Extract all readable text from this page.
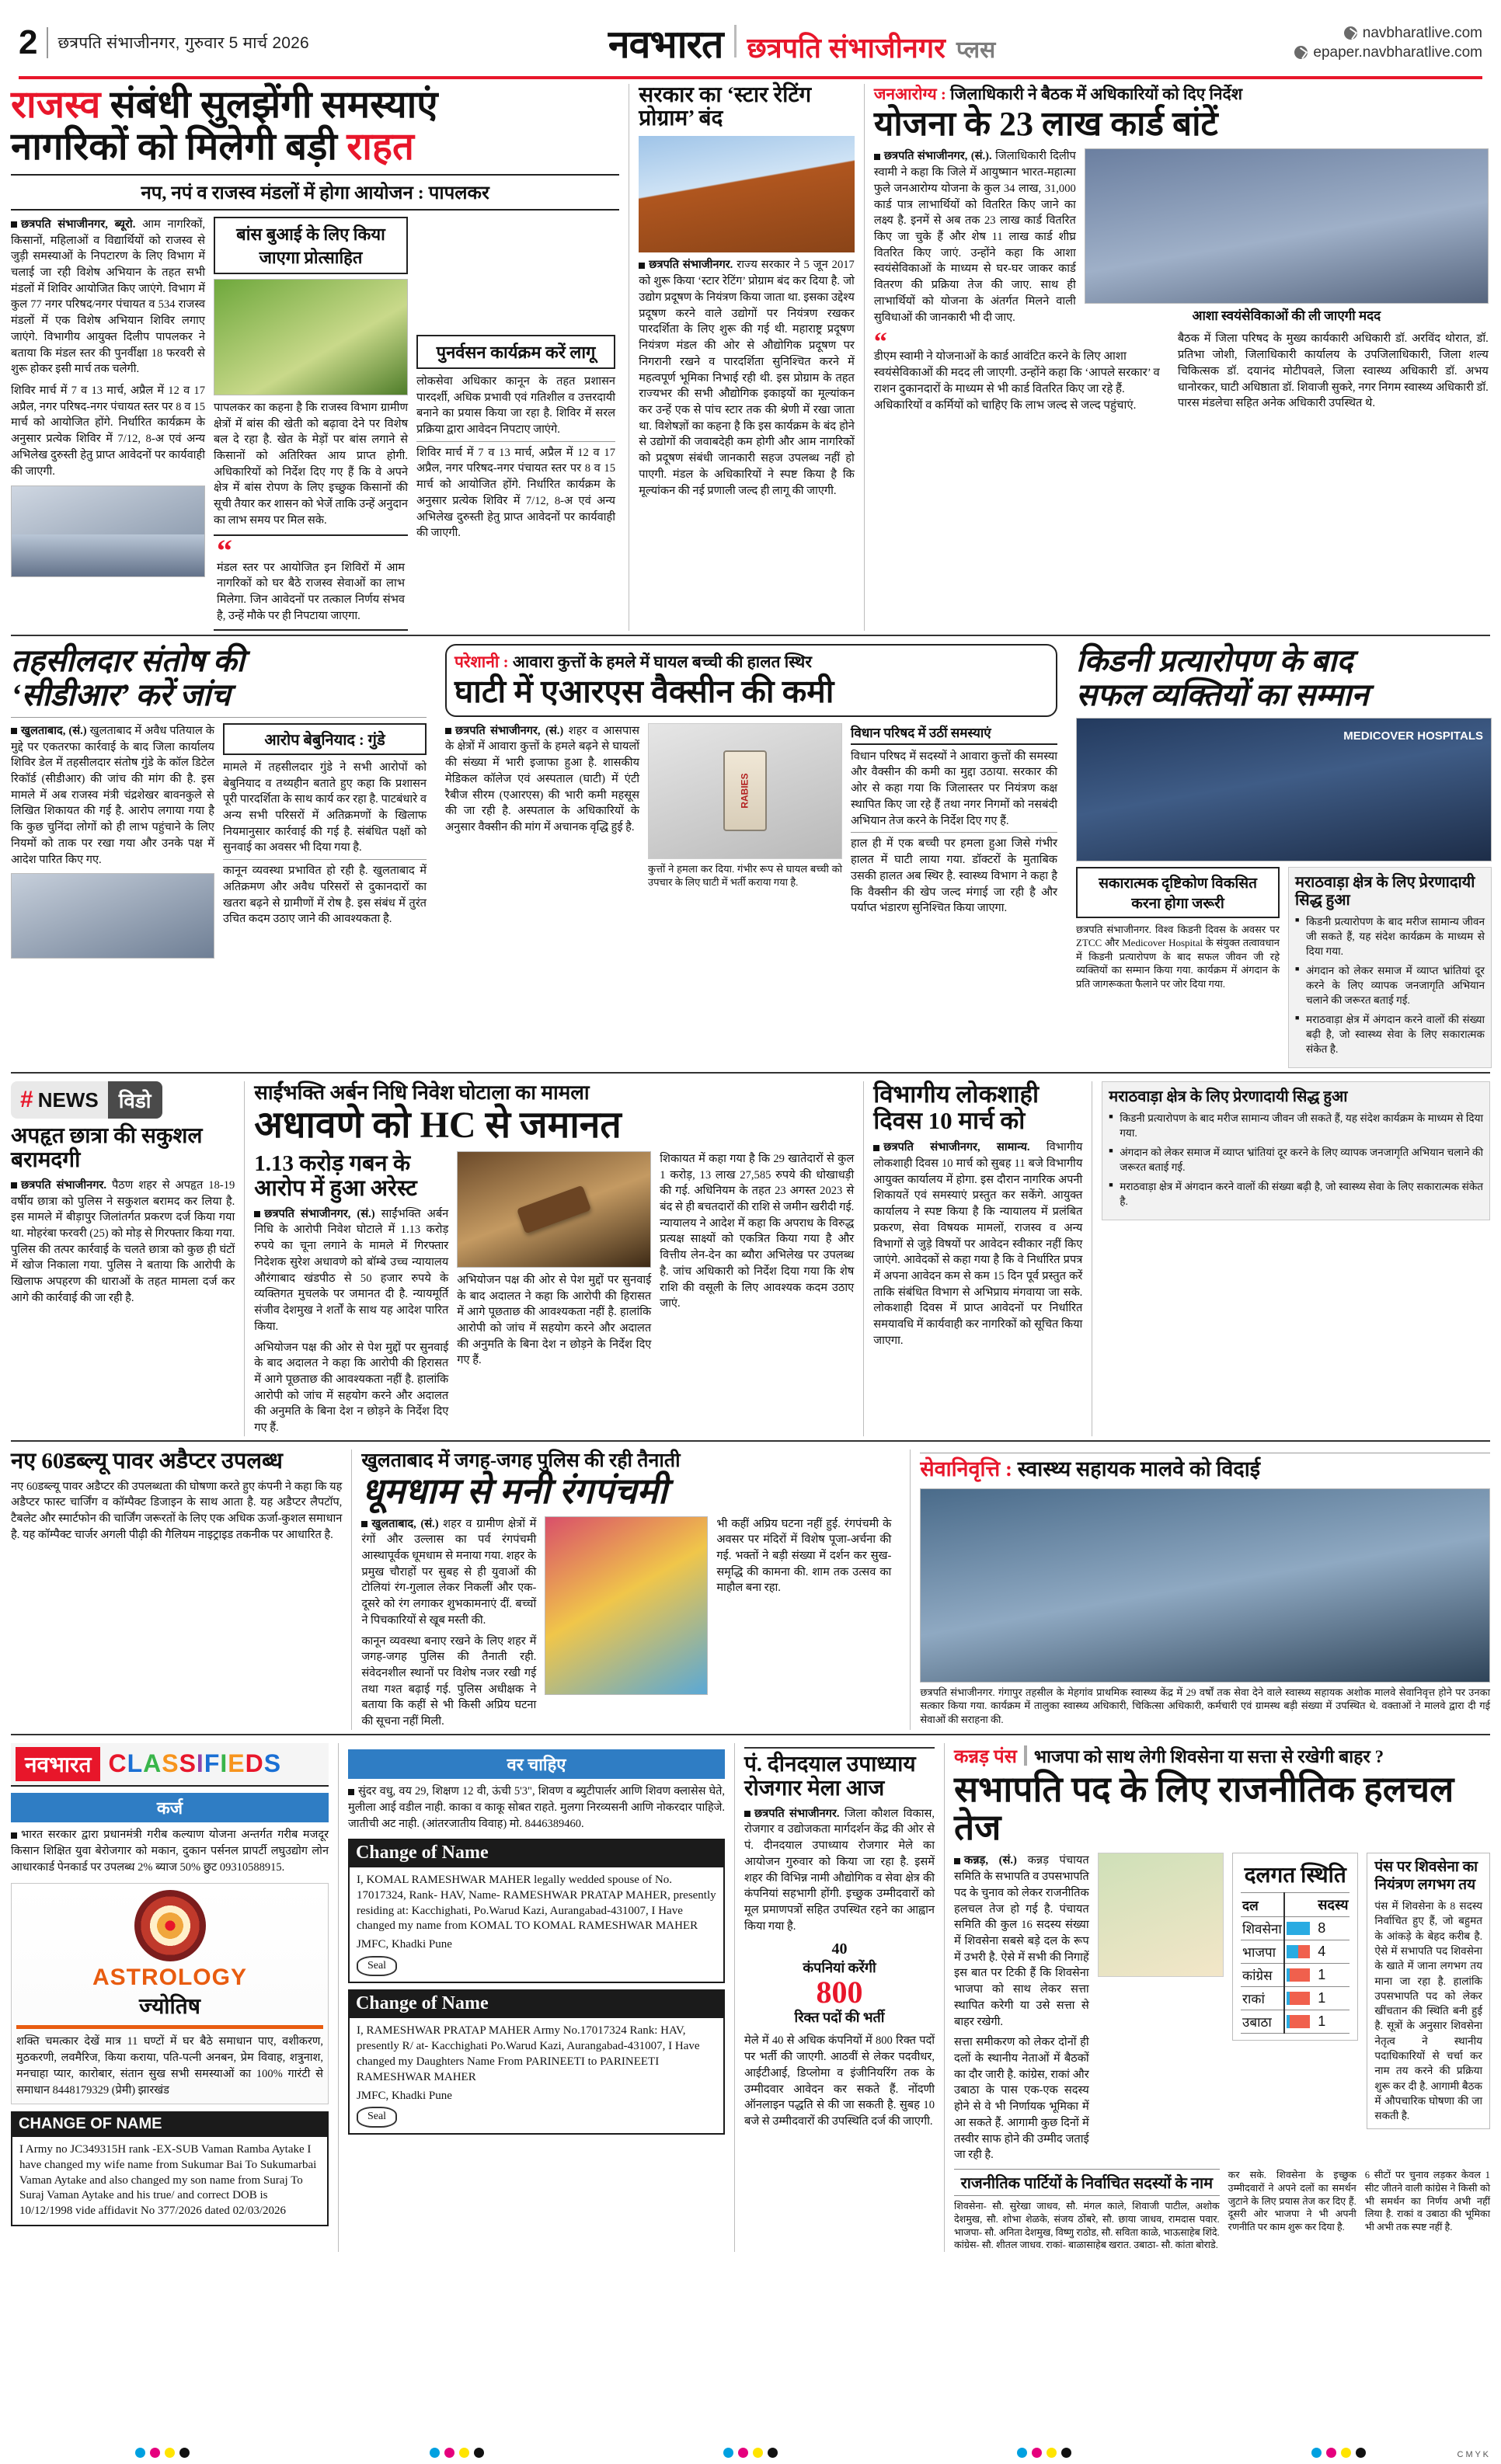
2	छत्रपति संभाजीनगर, गुरुवार 5 मार्च 2026	नवभारत छत्रपति संभाजीनगर प्लस
navbharatlive.com
epaper.navbharatlive.com
राजस्व संबंधी सुलझेंगी समस्याएं
नागरिकों को मिलेगी बड़ी राहत
नप, नपं व राजस्व मंडलों में होगा आयोजन : पापलकर

छत्रपति संभाजीनगर, ब्यूरो. आम नागरिकों, किसानों, महिलाओं व विद्यार्थियों को राजस्व से जुड़ी समस्याओं के निपटारण के लिए विभाग में चलाई जा रही विशेष अभियान के तहत सभी मंडलों में शिविर आयोजित किए जाएंगे. विभाग में कुल 77 नगर परिषद/नगर पंचायत व 534 राजस्व मंडलों में एक विशेष अभियान शिविर लगाए जाएंगे. विभागीय आयुक्त दिलीप पापलकर ने बताया कि मंडल स्तर की पुनर्वीक्षा 18 फरवरी से शुरू होकर इसी मार्च तक चलेगी.

शिविर मार्च में 7 व 13 मार्च, अप्रैल में 12 व 17 अप्रैल, नगर परिषद-नगर पंचायत स्तर पर 8 व 15 मार्च को आयोजित होंगे. निर्धारित कार्यक्रम के अनुसार प्रत्येक शिविर में 7/12, 8-अ एवं अन्य अभिलेख दुरुस्ती हेतु प्राप्त आवेदनों पर कार्यवाही की जाएगी.

बांस बुआई के लिए किया जाएगा प्रोत्साहित

पापलकर का कहना है कि राजस्व विभाग ग्रामीण क्षेत्रों में बांस की खेती को बढ़ावा देने पर विशेष बल दे रहा है. खेत के मेड़ों पर बांस लगाने से किसानों को अतिरिक्त आय प्राप्त होगी. अधिकारियों को निर्देश दिए गए हैं कि वे अपने क्षेत्र में बांस रोपण के लिए इच्छुक किसानों की सूची तैयार कर शासन को भेजें ताकि उन्हें अनुदान का लाभ समय पर मिल सके.

“

मंडल स्तर पर आयोजित इन शिविरों में आम नागरिकों को घर बैठे राजस्व सेवाओं का लाभ मिलेगा. जिन आवेदनों पर तत्काल निर्णय संभव है, उन्हें मौके पर ही निपटाया जाएगा.

पुनर्वसन कार्यक्रम करें लागू

लोकसेवा अधिकार कानून के तहत प्रशासन पारदर्शी, अधिक प्रभावी एवं गतिशील व उत्तरदायी बनाने का प्रयास किया जा रहा है. शिविर में सरल प्रक्रिया द्वारा आवेदन निपटाए जाएंगे.

शिविर मार्च में 7 व 13 मार्च, अप्रैल में 12 व 17 अप्रैल, नगर परिषद-नगर पंचायत स्तर पर 8 व 15 मार्च को आयोजित होंगे. निर्धारित कार्यक्रम के अनुसार प्रत्येक शिविर में 7/12, 8-अ एवं अन्य अभिलेख दुरुस्ती हेतु प्राप्त आवेदनों पर कार्यवाही की जाएगी.

सरकार का ‘स्टार रेटिंग प्रोग्राम’ बंद

छत्रपति संभाजीनगर. राज्य सरकार ने 5 जून 2017 को शुरू किया ‘स्टार रेटिंग’ प्रोग्राम बंद कर दिया है. जो उद्योग प्रदूषण के नियंत्रण किया जाता था. इसका उद्देश्य प्रदूषण करने वाले उद्योगों पर नियंत्रण रखकर पारदर्शिता के लिए शुरू की गई थी. महाराष्ट्र प्रदूषण नियंत्रण मंडल की ओर से औद्योगिक प्रदूषण पर निगरानी रखने व पारदर्शिता सुनिश्चित करने में महत्वपूर्ण भूमिका निभाई रही थी. इस प्रोग्राम के तहत राज्यभर की सभी औद्योगिक इकाइयों का मूल्यांकन कर उन्हें एक से पांच स्टार तक की श्रेणी में रखा जाता था. विशेषज्ञों का कहना है कि इस कार्यक्रम के बंद होने से उद्योगों की जवाबदेही कम होगी और आम नागरिकों को प्रदूषण संबंधी जानकारी सहज उपलब्ध नहीं हो पाएगी. मंडल के अधिकारियों ने स्पष्ट किया है कि मूल्यांकन की नई प्रणाली जल्द ही लागू की जाएगी.

जनआरोग्य : जिलाधिकारी ने बैठक में अधिकारियों को दिए निर्देश
योजना के 23 लाख कार्ड बांटें

छत्रपति संभाजीनगर, (सं.). जिलाधिकारी दिलीप स्वामी ने कहा कि जिले में आयुष्मान भारत-महात्मा फुले जनआरोग्य योजना के कुल 34 लाख, 31,000 कार्ड पात्र लाभार्थियों को वितरित किए जाने का लक्ष्य है. इनमें से अब तक 23 लाख कार्ड वितरित किए जा चुके हैं और शेष 11 लाख कार्ड शीघ्र वितरित किए जाएं. उन्होंने कहा कि आशा स्वयंसेविकाओं के माध्यम से घर-घर जाकर कार्ड वितरण की प्रक्रिया तेज की जाए. साथ ही लाभार्थियों को योजना के अंतर्गत मिलने वाली सुविधाओं की जानकारी भी दी जाए.	आशा स्वयंसेविकाओं की ली जाएगी मदद
“
डीएम स्वामी ने योजनाओं के कार्ड आवंटित करने के लिए आशा स्वयंसेविकाओं की मदद ली जाएगी. उन्होंने कहा कि ‘आपले सरकार’ व राशन दुकानदारों के माध्यम से भी कार्ड वितरित किए जा रहे हैं. अधिकारियों व कर्मियों को चाहिए कि लाभ जल्द से जल्द पहुंचाएं.

बैठक में जिला परिषद के मुख्य कार्यकारी अधिकारी डॉ. अरविंद थोरात, डॉ. प्रतिभा जोशी, जिलाधिकारी कार्यालय के उपजिलाधिकारी, जिला शल्य चिकित्सक डॉ. दयानंद मोटीपवले, जिला स्वास्थ्य अधिकारी डॉ. अभय धानोरकर, घाटी अधिष्ठाता डॉ. शिवाजी सुकरे, नगर निगम स्वास्थ्य अधिकारी डॉ. पारस मंडलेचा सहित अनेक अधिकारी उपस्थित थे.

तहसीलदार संतोष की
‘सीडीआर’ करें जांच

खुलताबाद, (सं.) खुलताबाद में अवैध पतियाल के मुद्दे पर एकतरफा कार्रवाई के बाद जिला कार्यालय शिविर डेल में तहसीलदार संतोष गुंडे के कॉल डिटेल रिकॉर्ड (सीडीआर) की जांच की मांग की है. इस मामले में अब राजस्व मंत्री चंद्रशेखर बावनकुले से लिखित शिकायत की गई है. आरोप लगाया गया है कि कुछ चुनिंदा लोगों को ही लाभ पहुंचाने के लिए नियमों को ताक पर रखा गया और उनके पक्ष में आदेश पारित किए गए.

आरोप बेबुनियाद : गुंडे

मामले में तहसीलदार गुंडे ने सभी आरोपों को बेबुनियाद व तथ्यहीन बताते हुए कहा कि प्रशासन पूरी पारदर्शिता के साथ कार्य कर रहा है. पाटबंधारे व अन्य सभी परिसरों में अतिक्रमणों के खिलाफ नियमानुसार कार्रवाई की गई है. संबंधित पक्षों को सुनवाई का अवसर भी दिया गया है.

कानून व्यवस्था प्रभावित हो रही है. खुलताबाद में अतिक्रमण और अवैध परिसरों से दुकानदारों का खतरा बढ़ने से ग्रामीणों में रोष है. इस संबंध में तुरंत उचित कदम उठाए जाने की आवश्यकता है.

परेशानी : आवारा कुत्तों के हमले में घायल बच्ची की हालत स्थिर
घाटी में एआरएस वैक्सीन की कमी

छत्रपति संभाजीनगर, (सं.) शहर व आसपास के क्षेत्रों में आवारा कुत्तों के हमले बढ़ने से घायलों की संख्या में भारी इजाफा हुआ है. शासकीय मेडिकल कॉलेज एवं अस्पताल (घाटी) में एंटी रैबीज सीरम (एआरएस) की भारी कमी महसूस की जा रही है. अस्पताल के अधिकारियों के अनुसार वैक्सीन की मांग में अचानक वृद्धि हुई है.

RABIES

कुत्तों ने हमला कर दिया. गंभीर रूप से घायल बच्ची को उपचार के लिए घाटी में भर्ती कराया गया है.

विधान परिषद में उठीं समस्याएं

विधान परिषद में सदस्यों ने आवारा कुत्तों की समस्या और वैक्सीन की कमी का मुद्दा उठाया. सरकार की ओर से कहा गया कि जिलास्तर पर नियंत्रण कक्ष स्थापित किए जा रहे हैं तथा नगर निगमों को नसबंदी अभियान तेज करने के निर्देश दिए गए हैं.

हाल ही में एक बच्ची पर हमला हुआ जिसे गंभीर हालत में घाटी लाया गया. डॉक्टरों के मुताबिक उसकी हालत अब स्थिर है. स्वास्थ्य विभाग ने कहा है कि वैक्सीन की खेप जल्द मंगाई जा रही है और पर्याप्त भंडारण सुनिश्चित किया जाएगा.

किडनी प्रत्यारोपण के बाद
सफल व्यक्तियों का सम्मान
MEDICOVER HOSPITALS
सकारात्मक दृष्टिकोण विकसित करना होगा जरूरी

छत्रपति संभाजीनगर. विश्व किडनी दिवस के अवसर पर ZTCC और Medicover Hospital के संयुक्त तत्वावधान में किडनी प्रत्यारोपण के बाद सफल जीवन जी रहे व्यक्तियों का सम्मान किया गया. कार्यक्रम में अंगदान के प्रति जागरूकता फैलाने पर जोर दिया गया.

मराठवाड़ा क्षेत्र के लिए प्रेरणादायी सिद्ध हुआ
■ किडनी प्रत्यारोपण के बाद मरीज सामान्य जीवन जी सकते हैं, यह संदेश कार्यक्रम के माध्यम से दिया गया.
■ अंगदान को लेकर समाज में व्याप्त भ्रांतियां दूर करने के लिए व्यापक जनजागृति अभियान चलाने की जरूरत बताई गई.
■ मराठवाड़ा क्षेत्र में अंगदान करने वालों की संख्या बढ़ी है, जो स्वास्थ्य सेवा के लिए सकारात्मक संकेत है.
# NEWS	विडो
अपहृत छात्रा की सकुशल बरामदगी

छत्रपति संभाजीनगर. पैठण शहर से अपहृत 18-19 वर्षीय छात्रा को पुलिस ने सकुशल बरामद कर लिया है. इस मामले में बीड़ापुर जिलांतर्गत प्रकरण दर्ज किया गया था. मोहरंबा फरवरी (25) को मोड़ से गिरफ्तार किया गया. पुलिस की तत्पर कार्रवाई के चलते छात्रा को कुछ ही घंटों में खोज निकाला गया. पुलिस ने बताया कि आरोपी के खिलाफ अपहरण की धाराओं के तहत मामला दर्ज कर आगे की कार्रवाई की जा रही है.

साईंभक्ति अर्बन निधि निवेश घोटाला का मामला
अधावणे को HC से जमानत
1.13 करोड़ गबन के आरोप में हुआ अरेस्ट

छत्रपति संभाजीनगर, (सं.) साईंभक्ति अर्बन निधि के आरोपी निवेश घोटाले में 1.13 करोड़ रुपये का चूना लगाने के मामले में गिरफ्तार निदेशक सुरेश अधावणे को बॉम्बे उच्च न्यायालय औरंगाबाद खंडपीठ से 50 हजार रुपये के व्यक्तिगत मुचलके पर जमानत दी है. न्यायमूर्ति संजीव देशमुख ने शर्तों के साथ यह आदेश पारित किया.

अभियोजन पक्ष की ओर से पेश मुद्दों पर सुनवाई के बाद अदालत ने कहा कि आरोपी की हिरासत में आगे पूछताछ की आवश्यकता नहीं है. हालांकि आरोपी को जांच में सहयोग करने और अदालत की अनुमति के बिना देश न छोड़ने के निर्देश दिए गए हैं.

अभियोजन पक्ष की ओर से पेश मुद्दों पर सुनवाई के बाद अदालत ने कहा कि आरोपी की हिरासत में आगे पूछताछ की आवश्यकता नहीं है. हालांकि आरोपी को जांच में सहयोग करने और अदालत की अनुमति के बिना देश न छोड़ने के निर्देश दिए गए हैं.

शिकायत में कहा गया है कि 29 खातेदारों से कुल 1 करोड़, 13 लाख 27,585 रुपये की धोखाधड़ी की गई. अधिनियम के तहत 23 अगस्त 2023 से बंद से ही बचतदारों की राशि से जमीन खरीदी गई. न्यायालय ने आदेश में कहा कि अपराध के विरुद्ध प्रत्यक्ष साक्ष्यों को एकत्रित किया गया है और वित्तीय लेन-देन का ब्यौरा अभिलेख पर उपलब्ध है. जांच अधिकारी को निर्देश दिया गया कि शेष राशि की वसूली के लिए आवश्यक कदम उठाए जाएं.

विभागीय लोकशाही दिवस 10 मार्च को

छत्रपति संभाजीनगर, सामान्य. विभागीय लोकशाही दिवस 10 मार्च को सुबह 11 बजे विभागीय आयुक्त कार्यालय में होगा. इस दौरान नागरिक अपनी शिकायतें एवं समस्याएं प्रस्तुत कर सकेंगे. आयुक्त कार्यालय ने स्पष्ट किया है कि न्यायालय में प्रलंबित प्रकरण, सेवा विषयक मामलों, राजस्व व अन्य विभागों से जुड़े विषयों पर आवेदन स्वीकार नहीं किए जाएंगे. आवेदकों से कहा गया है कि वे निर्धारित प्रपत्र में अपना आवेदन कम से कम 15 दिन पूर्व प्रस्तुत करें ताकि संबंधित विभाग से अभिप्राय मंगवाया जा सके. लोकशाही दिवस में प्राप्त आवेदनों पर निर्धारित समयावधि में कार्यवाही कर नागरिकों को सूचित किया जाएगा.

मराठवाड़ा क्षेत्र के लिए प्रेरणादायी सिद्ध हुआ
■ किडनी प्रत्यारोपण के बाद मरीज सामान्य जीवन जी सकते हैं, यह संदेश कार्यक्रम के माध्यम से दिया गया.
■ अंगदान को लेकर समाज में व्याप्त भ्रांतियां दूर करने के लिए व्यापक जनजागृति अभियान चलाने की जरूरत बताई गई.
■ मराठवाड़ा क्षेत्र में अंगदान करने वालों की संख्या बढ़ी है, जो स्वास्थ्य सेवा के लिए सकारात्मक संकेत है.
नए 60डब्ल्यू पावर अडैप्टर उपलब्ध

नए 60डब्ल्यू पावर अडैप्टर की उपलब्धता की घोषणा करते हुए कंपनी ने कहा कि यह अडैप्टर फास्ट चार्जिंग व कॉम्पैक्ट डिजाइन के साथ आता है. यह अडैप्टर लैपटॉप, टैबलेट और स्मार्टफोन की चार्जिंग जरूरतों के लिए एक अधिक ऊर्जा-कुशल समाधान है. यह कॉम्पैक्ट चार्जर अगली पीढ़ी की गैलियम नाइट्राइड तकनीक पर आधारित है.

खुलताबाद में जगह-जगह पुलिस की रही तैनाती
धूमधाम से मनी रंगपंचमी

खुलताबाद, (सं.) शहर व ग्रामीण क्षेत्रों में रंगों और उल्लास का पर्व रंगपंचमी आस्थापूर्वक धूमधाम से मनाया गया. शहर के प्रमुख चौराहों पर सुबह से ही युवाओं की टोलियां रंग-गुलाल लेकर निकलीं और एक-दूसरे को रंग लगाकर शुभकामनाएं दीं. बच्चों ने पिचकारियों से खूब मस्ती की.

कानून व्यवस्था बनाए रखने के लिए शहर में जगह-जगह पुलिस की तैनाती रही. संवेदनशील स्थानों पर विशेष नजर रखी गई तथा गश्त बढ़ाई गई. पुलिस अधीक्षक ने बताया कि कहीं से भी किसी अप्रिय घटना की सूचना नहीं मिली.

भी कहीं अप्रिय घटना नहीं हुई. रंगपंचमी के अवसर पर मंदिरों में विशेष पूजा-अर्चना की गई. भक्तों ने बड़ी संख्या में दर्शन कर सुख-समृद्धि की कामना की. शाम तक उत्सव का माहौल बना रहा.

सेवानिवृत्ति : स्वास्थ्य सहायक मालवे को विदाई

छत्रपति संभाजीनगर. गंगापुर तहसील के मेहगांव प्राथमिक स्वास्थ्य केंद्र में 29 वर्षों तक सेवा देने वाले स्वास्थ्य सहायक अशोक मालवे सेवानिवृत्त होने पर उनका सत्कार किया गया. कार्यक्रम में तालुका स्वास्थ्य अधिकारी, चिकित्सा अधिकारी, कर्मचारी एवं ग्रामस्थ बड़ी संख्या में उपस्थित थे. वक्ताओं ने मालवे द्वारा दी गई सेवाओं की सराहना की.

नवभारत CLASSIFIEDS
कर्ज

भारत सरकार द्वारा प्रधानमंत्री गरीब कल्याण योजना अन्तर्गत गरीब मजदूर किसान शिक्षित युवा बेरोजगार को मकान, दुकान पर्सनल प्रापर्टी लघुउद्योग लोन आधारकार्ड पेनकार्ड पर उपलब्ध 2% ब्याज 50% छुट 09310588915.

ASTROLOGY
ज्योतिष

शक्ति चमत्कार देखें मात्र 11 घण्टों में घर बैठे समाधान पाए, वशीकरण, मुठकरणी, लवमैरिज, किया कराया, पति-पत्नी अनबन, प्रेम विवाह, शत्रुनाश, मनचाहा प्यार, कारोबार, संतान सुख सभी समस्याओं का 100% गारंटी से समाधान 8448179329 (प्रेमी) झारखंड

CHANGE OF NAME
I Army no JC349315H rank -EX-SUB Vaman Ramba Aytake I have changed my wife name from Sukumar Bai To Sukumarbai Vaman Aytake and also changed my son name from Suraj To Suraj Vaman Aytake and his true/ and correct DOB is 10/12/1998 vide affidavit No 377/2026 dated 02/03/2026
वर चाहिए

सुंदर वधु, वय 29, शिक्षण 12 वी, ऊंची 5'3", शिवण व ब्युटीपार्लर आणि शिवण क्लासेस घेते, मुलीला आई वडील नाही. काका व काकू सोबत राहते. मुलगा निरव्यसनी आणि नोकरदार पाहिजे. जातीची अट नाही. (आंतरजातीय विवाह) मो. 8446389460.

Change of Name
I, KOMAL RAMESHWAR MAHER legally wedded spouse of No. 17017324, Rank- HAV, Name- RAMESHWAR PRATAP MAHER, presently residing at: Kacchighati, Po.Warud Kazi, Aurangabad-431007, I Have changed my name from KOMAL TO KOMAL RAMESHWAR MAHER
JMFC, Khadki Pune
Seal
Change of Name
I, RAMESHWAR PRATAP MAHER Army No.17017324 Rank: HAV, presently R/ at- Kacchighati Po.Warud Kazi, Aurangabad-431007, I Have changed my Daughters Name From PARINEETI to PARINEETI RAMESHWAR MAHER
JMFC, Khadki Pune
Seal
पं. दीनदयाल उपाध्याय रोजगार मेला आज

छत्रपति संभाजीनगर. जिला कौशल विकास, रोजगार व उद्योजकता मार्गदर्शन केंद्र की ओर से पं. दीनदयाल उपाध्याय रोजगार मेले का आयोजन गुरुवार को किया जा रहा है. इसमें शहर की विभिन्न नामी औद्योगिक व सेवा क्षेत्र की कंपनियां सहभागी होंगी. इच्छुक उम्मीदवारों को मूल प्रमाणपत्रों सहित उपस्थित रहने का आह्वान किया गया है.

40
कंपनियां करेंगी
800
रिक्त पदों की भर्ती

मेले में 40 से अधिक कंपनियों में 800 रिक्त पदों पर भर्ती की जाएगी. आठवीं से लेकर पदवीधर, आईटीआई, डिप्लोमा व इंजीनियरिंग तक के उम्मीदवार आवेदन कर सकते हैं. नोंदणी ऑनलाइन पद्धति से की जा सकती है. सुबह 10 बजे से उम्मीदवारों की उपस्थिति दर्ज की जाएगी.

कन्नड़ पंस भाजपा को साथ लेगी शिवसेना या सत्ता से रखेगी बाहर ?
सभापति पद के लिए राजनीतिक हलचल तेज

कन्नड़, (सं.) कन्नड़ पंचायत समिति के सभापति व उपसभापति पद के चुनाव को लेकर राजनीतिक हलचल तेज हो गई है. पंचायत समिति की कुल 16 सदस्य संख्या में शिवसेना सबसे बड़े दल के रूप में उभरी है. ऐसे में सभी की निगाहें इस बात पर टिकी हैं कि शिवसेना भाजपा को साथ लेकर सत्ता स्थापित करेगी या उसे सत्ता से बाहर रखेगी.

सत्ता समीकरण को लेकर दोनों ही दलों के स्थानीय नेताओं में बैठकों का दौर जारी है. कांग्रेस, राकां और उबाठा के पास एक-एक सदस्य होने से वे भी निर्णायक भूमिका में आ सकते हैं. आगामी कुछ दिनों में तस्वीर साफ होने की उम्मीद जताई जा रही है.

दलगत स्थिति
दल		सदस्य
शिवसेना		8
भाजपा		4
कांग्रेस		1
राकां		1
उबाठा		1
पंस पर शिवसेना का नियंत्रण लगभग तय

पंस में शिवसेना के 8 सदस्य निर्वाचित हुए हैं, जो बहुमत के आंकड़े के बेहद करीब है. ऐसे में सभापति पद शिवसेना के खाते में जाना लगभग तय माना जा रहा है. हालांकि उपसभापति पद को लेकर खींचतान की स्थिति बनी हुई है. सूत्रों के अनुसार शिवसेना नेतृत्व ने स्थानीय पदाधिकारियों से चर्चा कर नाम तय करने की प्रक्रिया शुरू कर दी है. आगामी बैठक में औपचारिक घोषणा की जा सकती है.

राजनीतिक पार्टियों के निर्वाचित सदस्यों के नाम

शिवसेना- सौ. सुरेखा जाधव, सौ. मंगल काले, शिवाजी पाटील, अशोक देशमुख, सौ. शोभा शेळके, संजय ठोंबरे, सौ. छाया जाधव, रामदास पवार. भाजपा- सौ. अनिता देशमुख, विष्णु राठोड, सौ. सविता काळे, भाऊसाहेब शिंदे. कांग्रेस- सौ. शीतल जाधव. राकां- बाळासाहेब खरात. उबाठा- सौ. कांता बोराडे.

कर सके. शिवसेना के इच्छुक उम्मीदवारों ने अपने दलों का समर्थन जुटाने के लिए प्रयास तेज कर दिए हैं. दूसरी ओर भाजपा ने भी अपनी रणनीति पर काम शुरू कर दिया है.

6 सीटों पर चुनाव लड़कर केवल 1 सीट जीतने वाली कांग्रेस ने किसी को भी समर्थन का निर्णय अभी नहीं लिया है. राकां व उबाठा की भूमिका भी अभी तक स्पष्ट नहीं है.

C M Y K
